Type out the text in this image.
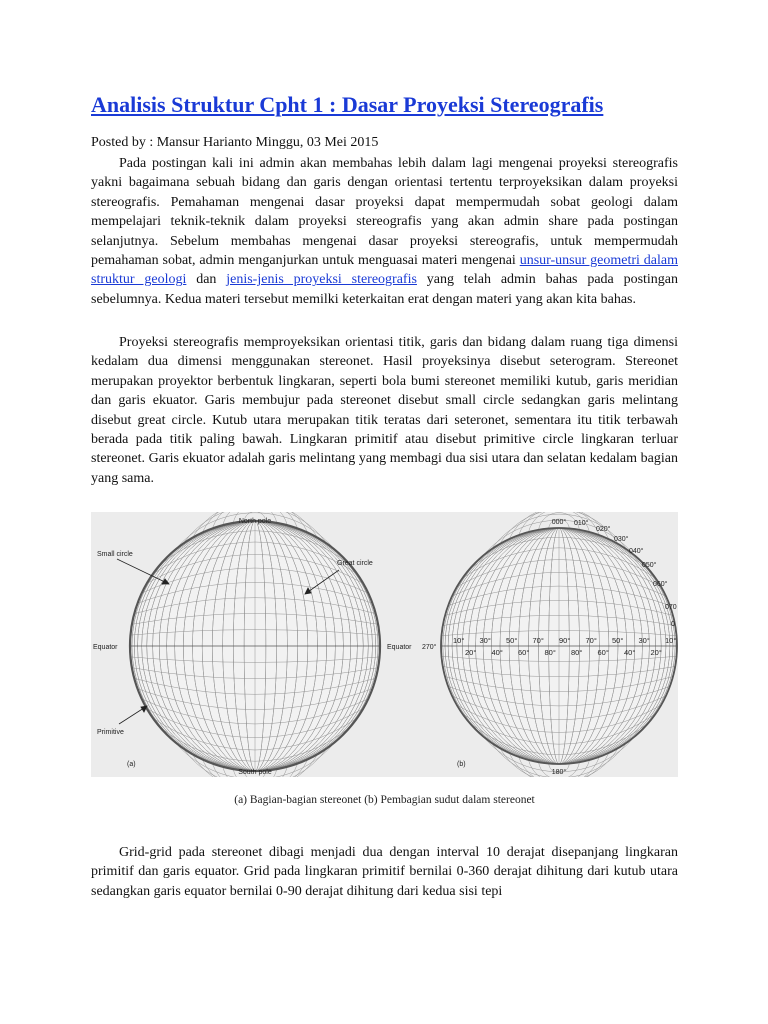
Analisis Struktur Cpht 1 : Dasar Proyeksi Stereografis
Posted by : Mansur Harianto Minggu, 03 Mei 2015

Pada postingan kali ini admin akan membahas lebih dalam lagi mengenai proyeksi stereografis yakni bagaimana sebuah bidang dan garis dengan orientasi tertentu terproyeksikan dalam proyeksi stereografis. Pemahaman mengenai dasar proyeksi dapat mempermudah sobat geologi dalam mempelajari teknik-teknik dalam proyeksi stereografis yang akan admin share pada postingan selanjutnya. Sebelum membahas mengenai dasar proyeksi stereografis, untuk mempermudah pemahaman sobat, admin menganjurkan untuk menguasai materi mengenai unsur-unsur geometri dalam struktur geologi dan jenis-jenis proyeksi stereografis yang telah admin bahas pada postingan sebelumnya. Kedua materi tersebut memilki keterkaitan erat dengan materi yang akan kita bahas.

Proyeksi stereografis memproyeksikan orientasi titik, garis dan bidang dalam ruang tiga dimensi kedalam dua dimensi menggunakan stereonet. Hasil proyeksinya disebut seterogram. Stereonet merupakan proyektor berbentuk lingkaran, seperti bola bumi stereonet memiliki kutub, garis meridian dan garis ekuator. Garis membujur pada stereonet disebut small circle sedangkan garis melintang disebut great circle. Kutub utara merupakan titik teratas dari seteronet, sementara itu titik terbawah berada pada titik paling bawah. Lingkaran primitif atau disebut primitive circle lingkaran terluar stereonet. Garis ekuator adalah garis melintang yang membagi dua sisi utara dan selatan kedalam bagian yang sama.

North pole
South pole
Small circle
Great circle
Equator	Equator
Primitive
(a)
000°
180°
270°
(b)
010°
020°
030°
040°
050°
060°
070
0
10° 30° 50° 70° 90° 70° 50° 30° 10°
20° 40° 60° 80° 80° 60° 40° 20°
(a) Bagian-bagian stereonet (b) Pembagian sudut dalam stereonet

Grid-grid pada stereonet dibagi menjadi dua dengan interval 10 derajat disepanjang lingkaran primitif dan garis equator. Grid pada lingkaran primitif bernilai 0-360 derajat dihitung dari kutub utara sedangkan garis equator bernilai 0-90 derajat dihitung dari kedua sisi tepi
